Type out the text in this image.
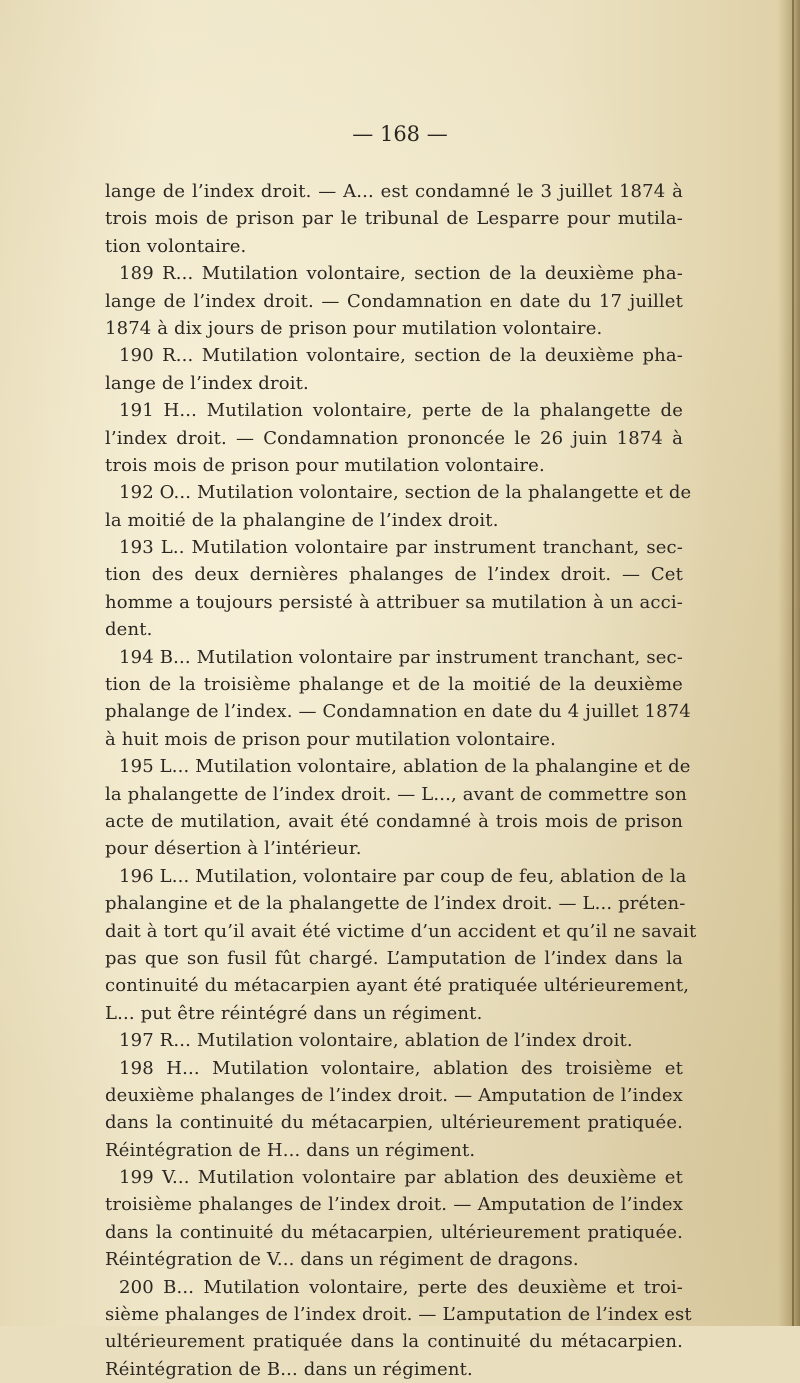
— 168 —

lange de l’index droit. — A... est condamné le 3 juillet 1874 à
trois mois de prison par le tribunal de Lesparre pour mutila-
tion volontaire.
189 R... Mutilation volontaire, section de la deuxième pha-
lange de l’index droit. — Condamnation en date du 17 juillet
1874 à dix jours de prison pour mutilation volontaire.
190 R... Mutilation volontaire, section de la deuxième pha-
lange de l’index droit.
191 H... Mutilation volontaire, perte de la phalangette de
l’index droit. — Condamnation prononcée le 26 juin 1874 à
trois mois de prison pour mutilation volontaire.
192 O... Mutilation volontaire, section de la phalangette et de
la moitié de la phalangine de l’index droit.
193 L.. Mutilation volontaire par instrument tranchant, sec-
tion des deux dernières phalanges de l’index droit. — Cet
homme a toujours persisté à attribuer sa mutilation à un acci-
dent.
194 B... Mutilation volontaire par instrument tranchant, sec-
tion de la troisième phalange et de la moitié de la deuxième
phalange de l’index. — Condamnation en date du 4 juillet 1874
à huit mois de prison pour mutilation volontaire.
195 L... Mutilation volontaire, ablation de la phalangine et de
la phalangette de l’index droit. — L..., avant de commettre son
acte de mutilation, avait été condamné à trois mois de prison
pour désertion à l’intérieur.
196 L... Mutilation, volontaire par coup de feu, ablation de la
phalangine et de la phalangette de l’index droit. — L... préten-
dait à tort qu’il avait été victime d’un accident et qu’il ne savait
pas que son fusil fût chargé. L’amputation de l’index dans la
continuité du métacarpien ayant été pratiquée ultérieurement,
L... put être réintégré dans un régiment.
197 R... Mutilation volontaire, ablation de l’index droit.
198 H... Mutilation volontaire, ablation des troisième et
deuxième phalanges de l’index droit. — Amputation de l’index
dans la continuité du métacarpien, ultérieurement pratiquée.
Réintégration de H... dans un régiment.
199 V... Mutilation volontaire par ablation des deuxième et
troisième phalanges de l’index droit. — Amputation de l’index
dans la continuité du métacarpien, ultérieurement pratiquée.
Réintégration de V... dans un régiment de dragons.
200 B... Mutilation volontaire, perte des deuxième et troi-
sième phalanges de l’index droit. — L’amputation de l’index est
ultérieurement pratiquée dans la continuité du métacarpien.
Réintégration de B... dans un régiment.
